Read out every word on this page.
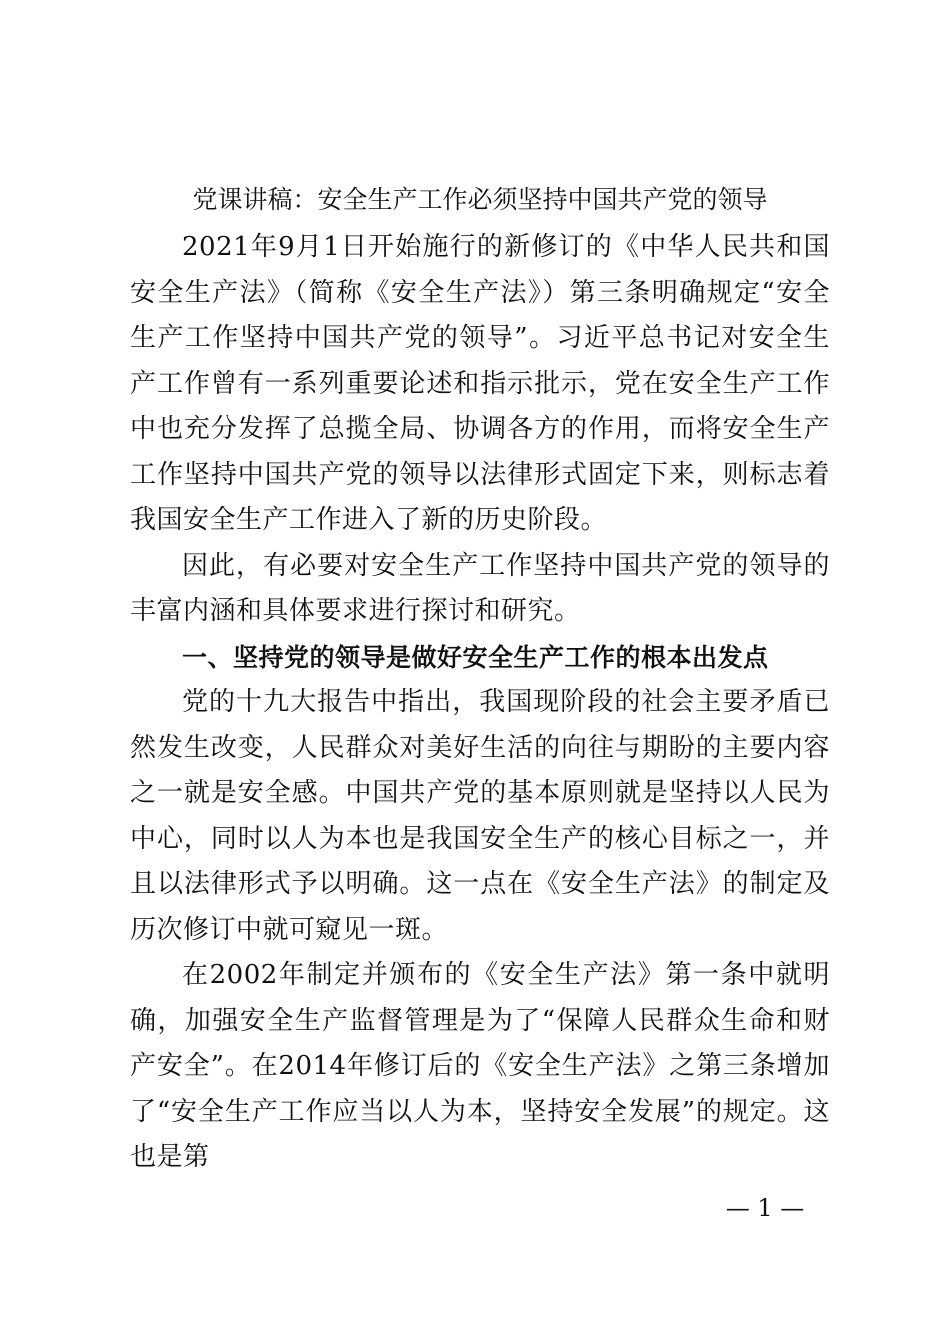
党课讲稿：安全生产工作必须坚持中国共产党的领导

2021年9月1日开始施行的新修订的《中华人民共和国安全生产法》（简称《安全生产法》）第三条明确规定“安全生产工作坚持中国共产党的领导”。习近平总书记对安全生产工作曾有一系列重要论述和指示批示，党在安全生产工作中也充分发挥了总揽全局、协调各方的作用，而将安全生产工作坚持中国共产党的领导以法律形式固定下来，则标志着我国安全生产工作进入了新的历史阶段。

因此，有必要对安全生产工作坚持中国共产党的领导的丰富内涵和具体要求进行探讨和研究。

一、坚持党的领导是做好安全生产工作的根本出发点

党的十九大报告中指出，我国现阶段的社会主要矛盾已然发生改变，人民群众对美好生活的向往与期盼的主要内容之一就是安全感。中国共产党的基本原则就是坚持以人民为中心，同时以人为本也是我国安全生产的核心目标之一，并且以法律形式予以明确。这一点在《安全生产法》的制定及历次修订中就可窥见一斑。

在2002年制定并颁布的《安全生产法》第一条中就明确，加强安全生产监督管理是为了“保障人民群众生命和财产安全”。在2014年修订后的《安全生产法》之第三条增加了“安全生产工作应当以人为本，坚持安全发展”的规定。这也是第

— 1 —
